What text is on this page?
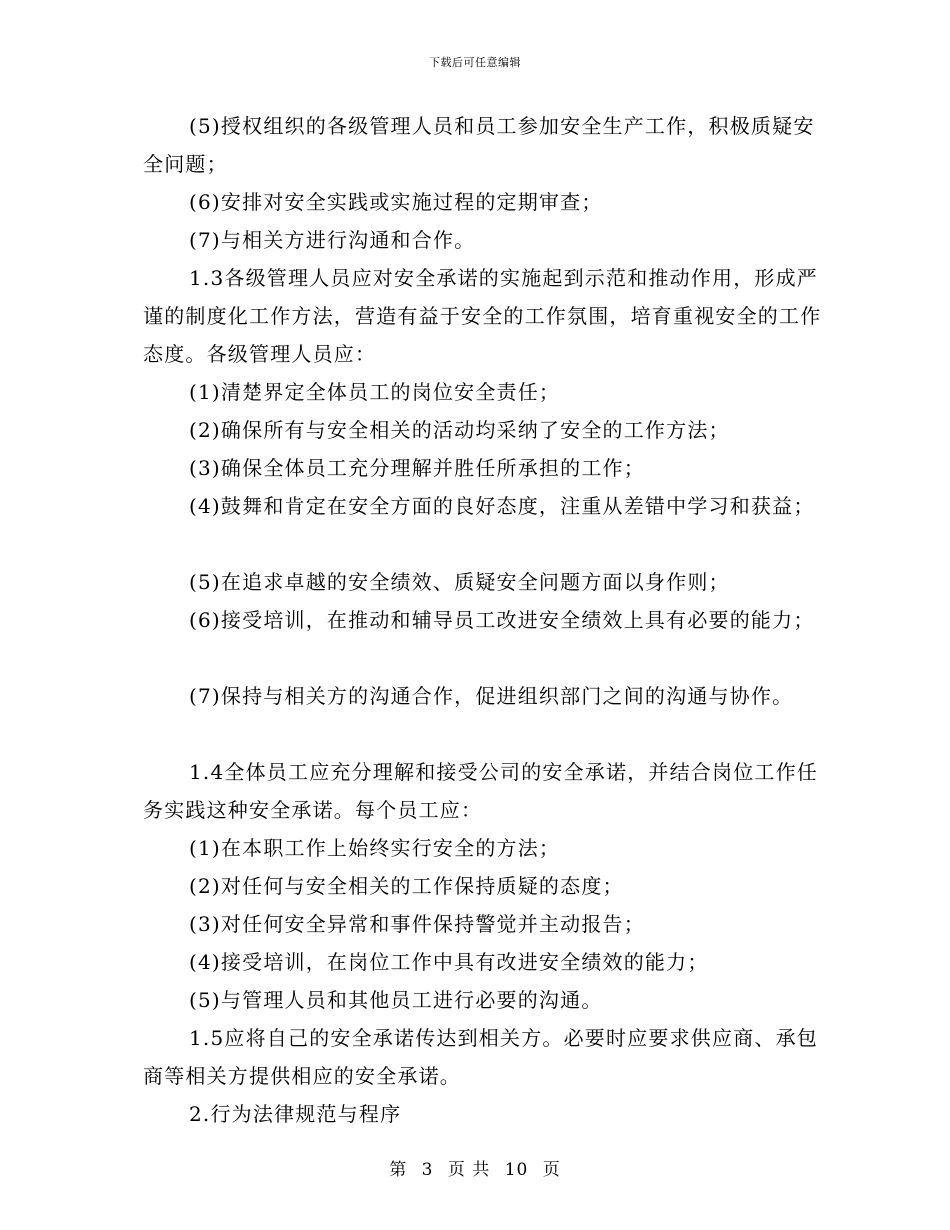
下载后可任意编辑

(5)授权组织的各级管理人员和员工参加安全生产工作，积极质疑安全问题；

(6)安排对安全实践或实施过程的定期审查；

(7)与相关方进行沟通和合作。

1.3各级管理人员应对安全承诺的实施起到示范和推动作用，形成严谨的制度化工作方法，营造有益于安全的工作氛围，培育重视安全的工作态度。各级管理人员应：

(1)清楚界定全体员工的岗位安全责任；

(2)确保所有与安全相关的活动均采纳了安全的工作方法；

(3)确保全体员工充分理解并胜任所承担的工作；

(4)鼓舞和肯定在安全方面的良好态度，注重从差错中学习和获益；

(5)在追求卓越的安全绩效、质疑安全问题方面以身作则；

(6)接受培训，在推动和辅导员工改进安全绩效上具有必要的能力；

(7)保持与相关方的沟通合作，促进组织部门之间的沟通与协作。

1.4全体员工应充分理解和接受公司的安全承诺，并结合岗位工作任务实践这种安全承诺。每个员工应：

(1)在本职工作上始终实行安全的方法；

(2)对任何与安全相关的工作保持质疑的态度；

(3)对任何安全异常和事件保持警觉并主动报告；

(4)接受培训，在岗位工作中具有改进安全绩效的能力；

(5)与管理人员和其他员工进行必要的沟通。

1.5应将自己的安全承诺传达到相关方。必要时应要求供应商、承包商等相关方提供相应的安全承诺。

2.行为法律规范与程序

第 3 页 共 10 页
